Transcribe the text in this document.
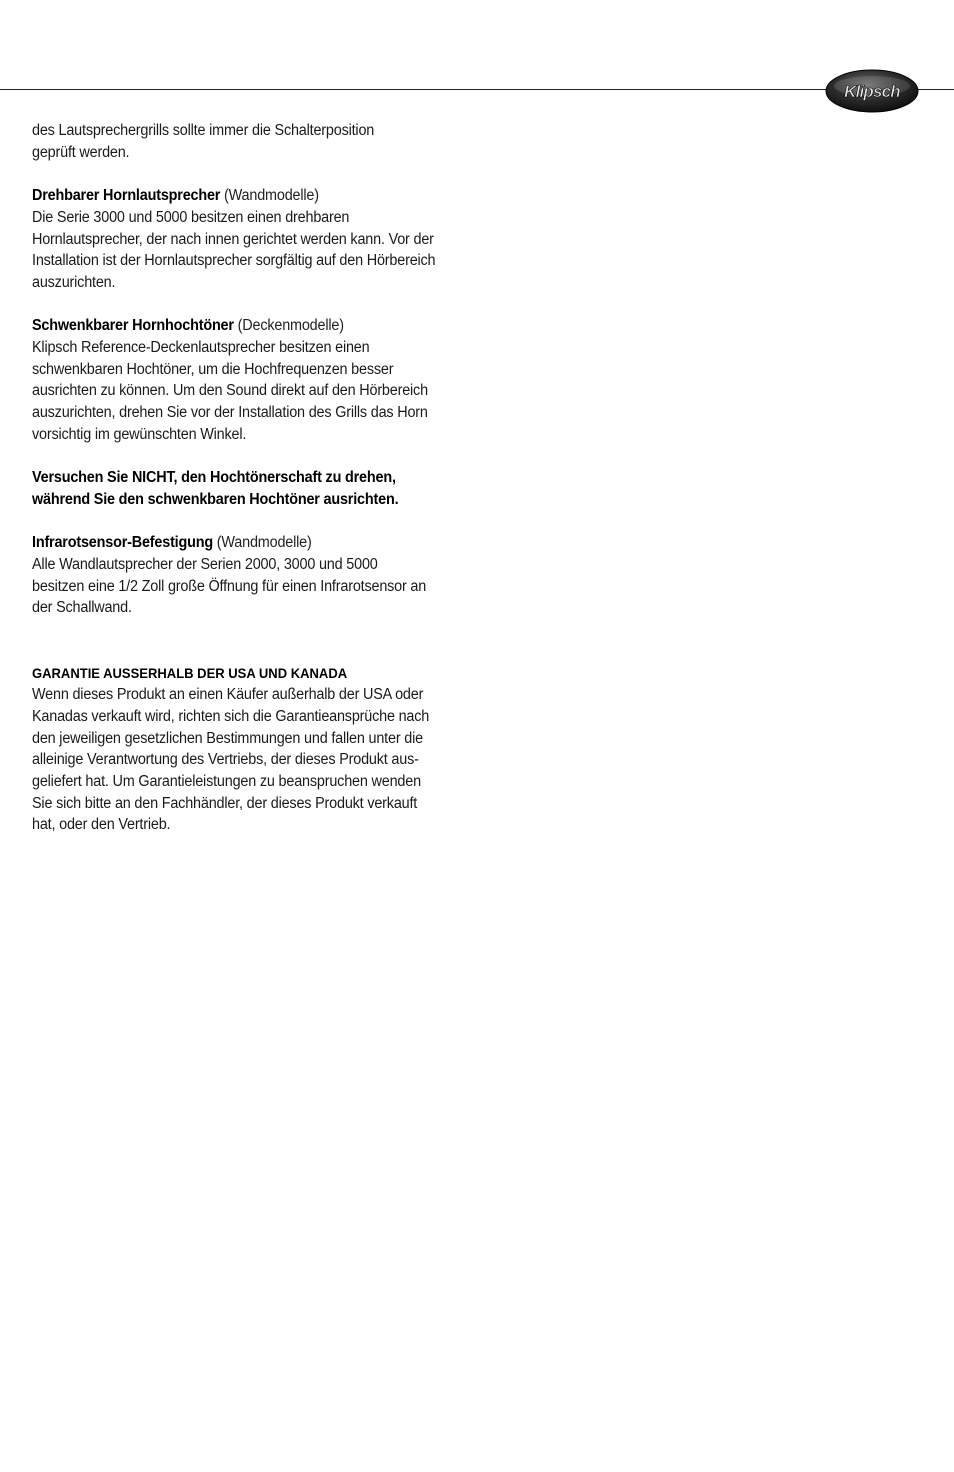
Klipsch

des Lautsprechergrills sollte immer die Schalterposition
geprüft werden.

Drehbarer Hornlautsprecher (Wandmodelle)
Die Serie 3000 und 5000 besitzen einen drehbaren
Hornlautsprecher, der nach innen gerichtet werden kann. Vor der
Installation ist der Hornlautsprecher sorgfältig auf den Hörbereich
auszurichten.

Schwenkbarer Hornhochtöner (Deckenmodelle)
Klipsch Reference-Deckenlautsprecher besitzen einen
schwenkbaren Hochtöner, um die Hochfrequenzen besser
ausrichten zu können. Um den Sound direkt auf den Hörbereich
auszurichten, drehen Sie vor der Installation des Grills das Horn
vorsichtig im gewünschten Winkel.

Versuchen Sie NICHT, den Hochtönerschaft zu drehen,
während Sie den schwenkbaren Hochtöner ausrichten.

Infrarotsensor-Befestigung (Wandmodelle)
Alle Wandlautsprecher der Serien 2000, 3000 und 5000
besitzen eine 1/2 Zoll große Öffnung für einen Infrarotsensor an
der Schallwand.

GARANTIE AUSSERHALB DER USA UND KANADA
Wenn dieses Produkt an einen Käufer außerhalb der USA oder
Kanadas verkauft wird, richten sich die Garantieansprüche nach
den jeweiligen gesetzlichen Bestimmungen und fallen unter die
alleinige Verantwortung des Vertriebs, der dieses Produkt aus-
geliefert hat. Um Garantieleistungen zu beanspruchen wenden
Sie sich bitte an den Fachhändler, der dieses Produkt verkauft
hat, oder den Vertrieb.
